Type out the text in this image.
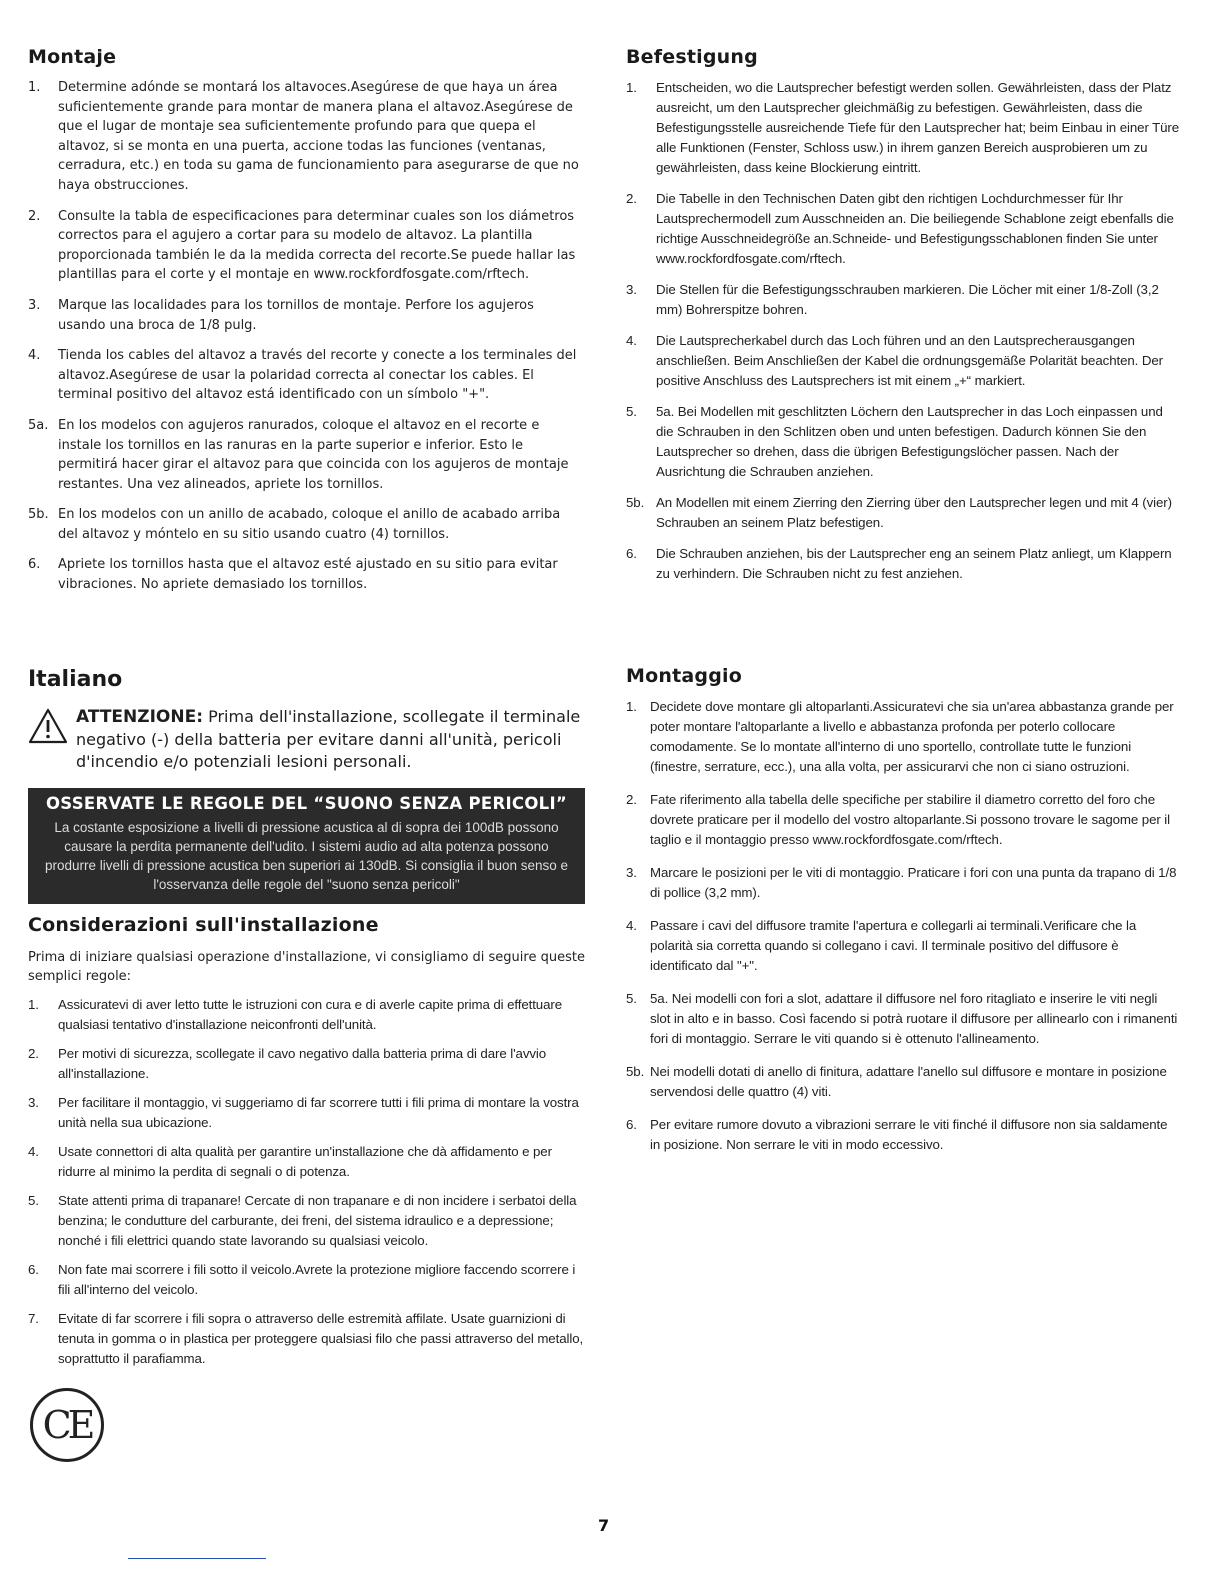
Montaje
1. Determine adónde se montará los altavoces.Asegúrese de que haya un área suficientemente grande para montar de manera plana el altavoz.Asegúrese de que el lugar de montaje sea suficientemente profundo para que quepa el altavoz, si se monta en una puerta, accione todas las funciones (ventanas, cerradura, etc.) en toda su gama de funcionamiento para asegurarse de que no haya obstrucciones.
2. Consulte la tabla de especificaciones para determinar cuales son los diámetros correctos para el agujero a cortar para su modelo de altavoz. La plantilla proporcionada también le da la medida correcta del recorte.Se puede hallar las plantillas para el corte y el montaje en www.rockfordfosgate.com/rftech.
3. Marque las localidades para los tornillos de montaje. Perfore los agujeros usando una broca de 1/8 pulg.
4. Tienda los cables del altavoz a través del recorte y conecte a los terminales del altavoz.Asegúrese de usar la polaridad correcta al conectar los cables. El terminal positivo del altavoz está identificado con un símbolo "+".
5a. En los modelos con agujeros ranurados, coloque el altavoz en el recorte e instale los tornillos en las ranuras en la parte superior e inferior. Esto le permitirá hacer girar el altavoz para que coincida con los agujeros de montaje restantes. Una vez alineados, apriete los tornillos.
5b. En los modelos con un anillo de acabado, coloque el anillo de acabado arriba del altavoz y móntelo en su sitio usando cuatro (4) tornillos.
6. Apriete los tornillos hasta que el altavoz esté ajustado en su sitio para evitar vibraciones. No apriete demasiado los tornillos.
Befestigung
1. Entscheiden, wo die Lautsprecher befestigt werden sollen. Gewährleisten, dass der Platz ausreicht, um den Lautsprecher gleichmäßig zu befestigen. Gewährleisten, dass die Befestigungsstelle ausreichende Tiefe für den Lautsprecher hat; beim Einbau in einer Türe alle Funktionen (Fenster, Schloss usw.) in ihrem ganzen Bereich ausprobieren um zu gewährleisten, dass keine Blockierung eintritt.
2. Die Tabelle in den Technischen Daten gibt den richtigen Lochdurchmesser für Ihr Lautsprechermodell zum Ausschneiden an. Die beiliegende Schablone zeigt ebenfalls die richtige Ausschneidegröße an.Schneide- und Befestigungsschablonen finden Sie unter www.rockfordfosgate.com/rftech.
3. Die Stellen für die Befestigungsschrauben markieren. Die Löcher mit einer 1/8-Zoll (3,2 mm) Bohrerspitze bohren.
4. Die Lautsprecherkabel durch das Loch führen und an den Lautsprecherausgangen anschließen. Beim Anschließen der Kabel die ordnungsgemäße Polarität beachten. Der positive Anschluss des Lautsprechers ist mit einem „+“ markiert.
5. 5a. Bei Modellen mit geschlitzten Löchern den Lautsprecher in das Loch einpassen und die Schrauben in den Schlitzen oben und unten befestigen. Dadurch können Sie den Lautsprecher so drehen, dass die übrigen Befestigungslöcher passen. Nach der Ausrichtung die Schrauben anziehen.
5b. An Modellen mit einem Zierring den Zierring über den Lautsprecher legen und mit 4 (vier) Schrauben an seinem Platz befestigen.
6. Die Schrauben anziehen, bis der Lautsprecher eng an seinem Platz anliegt, um Klappern zu verhindern. Die Schrauben nicht zu fest anziehen.
Italiano
ATTENZIONE: Prima dell'installazione, scollegate il terminale negativo (-) della batteria per evitare danni all'unità, pericoli d'incendio e/o potenziali lesioni personali.
OSSERVATE LE REGOLE DEL “SUONO SENZA PERICOLI”
La costante esposizione a livelli di pressione acustica al di sopra dei 100dB possono causare la perdita permanente dell'udito. I sistemi audio ad alta potenza possono produrre livelli di pressione acustica ben superiori ai 130dB. Si consiglia il buon senso e l'osservanza delle regole del "suono senza pericoli"
Considerazioni sull'installazione

Prima di iniziare qualsiasi operazione d'installazione, vi consigliamo di seguire queste semplici regole:

1. Assicuratevi di aver letto tutte le istruzioni con cura e di averle capite prima di effettuare qualsiasi tentativo d'installazione neiconfronti dell'unità.
2. Per motivi di sicurezza, scollegate il cavo negativo dalla batteria prima di dare l'avvio all'installazione.
3. Per facilitare il montaggio, vi suggeriamo di far scorrere tutti i fili prima di montare la vostra unità nella sua ubicazione.
4. Usate connettori di alta qualità per garantire un'installazione che dà affidamento e per ridurre al minimo la perdita di segnali o di potenza.
5. State attenti prima di trapanare! Cercate di non trapanare e di non incidere i serbatoi della benzina; le condutture del carburante, dei freni, del sistema idraulico e a depressione; nonché i fili elettrici quando state lavorando su qualsiasi veicolo.
6. Non fate mai scorrere i fili sotto il veicolo.Avrete la protezione migliore faccendo scorrere i fili all'interno del veicolo.
7. Evitate di far scorrere i fili sopra o attraverso delle estremità affilate. Usate guarnizioni di tenuta in gomma o in plastica per proteggere qualsiasi filo che passi attraverso del metallo, soprattutto il parafiamma.
Montaggio
1. Decidete dove montare gli altoparlanti.Assicuratevi che sia un'area abbastanza grande per poter montare l'altoparlante a livello e abbastanza profonda per poterlo collocare comodamente. Se lo montate all'interno di uno sportello, controllate tutte le funzioni (finestre, serrature, ecc.), una alla volta, per assicurarvi che non ci siano ostruzioni.
2. Fate riferimento alla tabella delle specifiche per stabilire il diametro corretto del foro che dovrete praticare per il modello del vostro altoparlante.Si possono trovare le sagome per il taglio e il montaggio presso www.rockfordfosgate.com/rftech.
3. Marcare le posizioni per le viti di montaggio. Praticare i fori con una punta da trapano di 1/8 di pollice (3,2 mm).
4. Passare i cavi del diffusore tramite l'apertura e collegarli ai terminali.Verificare che la polarità sia corretta quando si collegano i cavi. Il terminale positivo del diffusore è identificato dal "+".
5. 5a. Nei modelli con fori a slot, adattare il diffusore nel foro ritagliato e inserire le viti negli slot in alto e in basso. Così facendo si potrà ruotare il diffusore per allinearlo con i rimanenti fori di montaggio. Serrare le viti quando si è ottenuto l'allineamento.
5b. Nei modelli dotati di anello di finitura, adattare l'anello sul diffusore e montare in posizione servendosi delle quattro (4) viti.
6. Per evitare rumore dovuto a vibrazioni serrare le viti finché il diffusore non sia saldamente in posizione. Non serrare le viti in modo eccessivo.
CE
7
